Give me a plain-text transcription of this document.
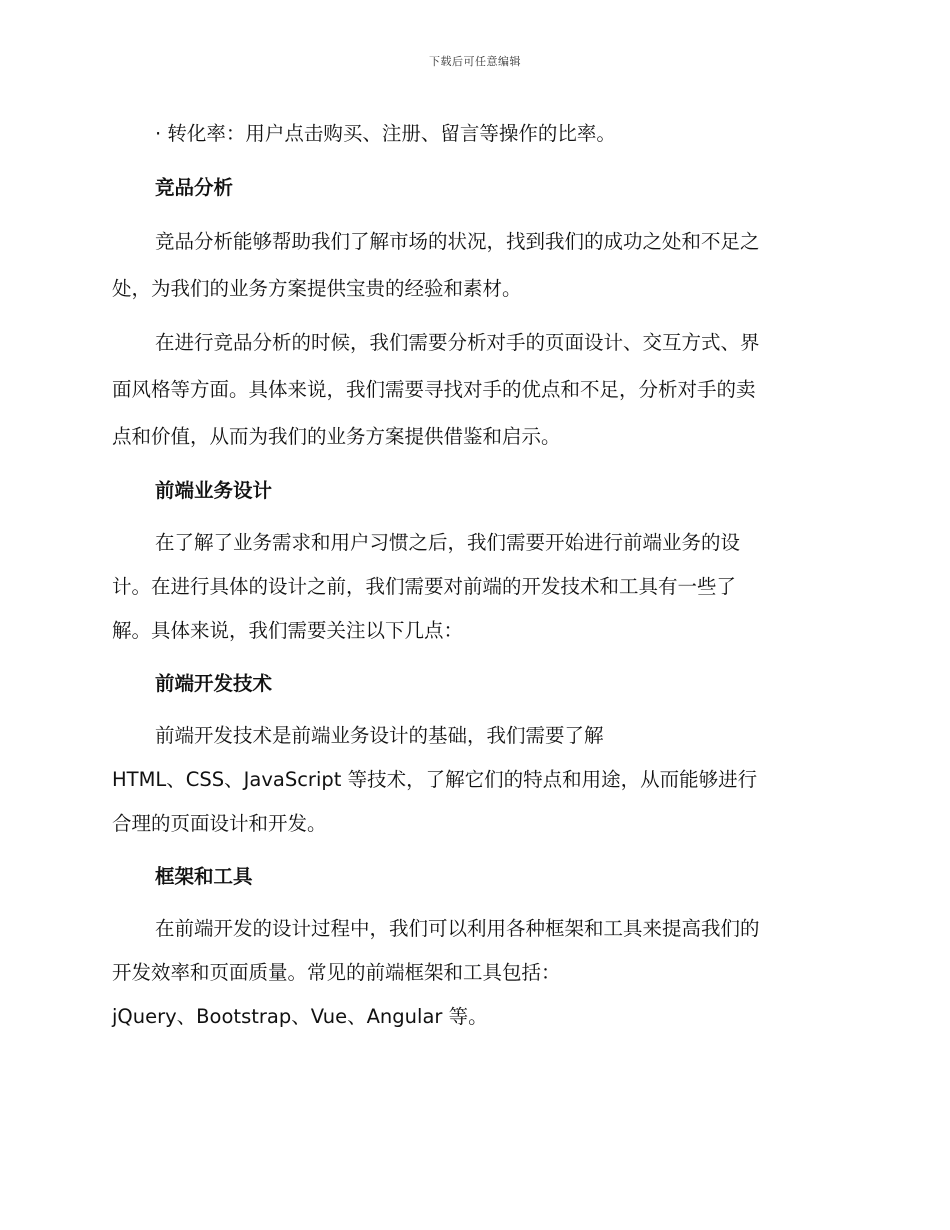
下载后可任意编辑
· 转化率：用户点击购买、注册、留言等操作的比率。
竞品分析
竞品分析能够帮助我们了解市场的状况，找到我们的成功之处和不足之
处，为我们的业务方案提供宝贵的经验和素材。
在进行竞品分析的时候，我们需要分析对手的页面设计、交互方式、界
面风格等方面。具体来说，我们需要寻找对手的优点和不足，分析对手的卖
点和价值，从而为我们的业务方案提供借鉴和启示。
前端业务设计
在了解了业务需求和用户习惯之后，我们需要开始进行前端业务的设
计。在进行具体的设计之前，我们需要对前端的开发技术和工具有一些了
解。具体来说，我们需要关注以下几点：
前端开发技术
前端开发技术是前端业务设计的基础，我们需要了解
HTML、CSS、JavaScript 等技术，了解它们的特点和用途，从而能够进行
合理的页面设计和开发。
框架和工具
在前端开发的设计过程中，我们可以利用各种框架和工具来提高我们的
开发效率和页面质量。常见的前端框架和工具包括：
jQuery、Bootstrap、Vue、Angular 等。
